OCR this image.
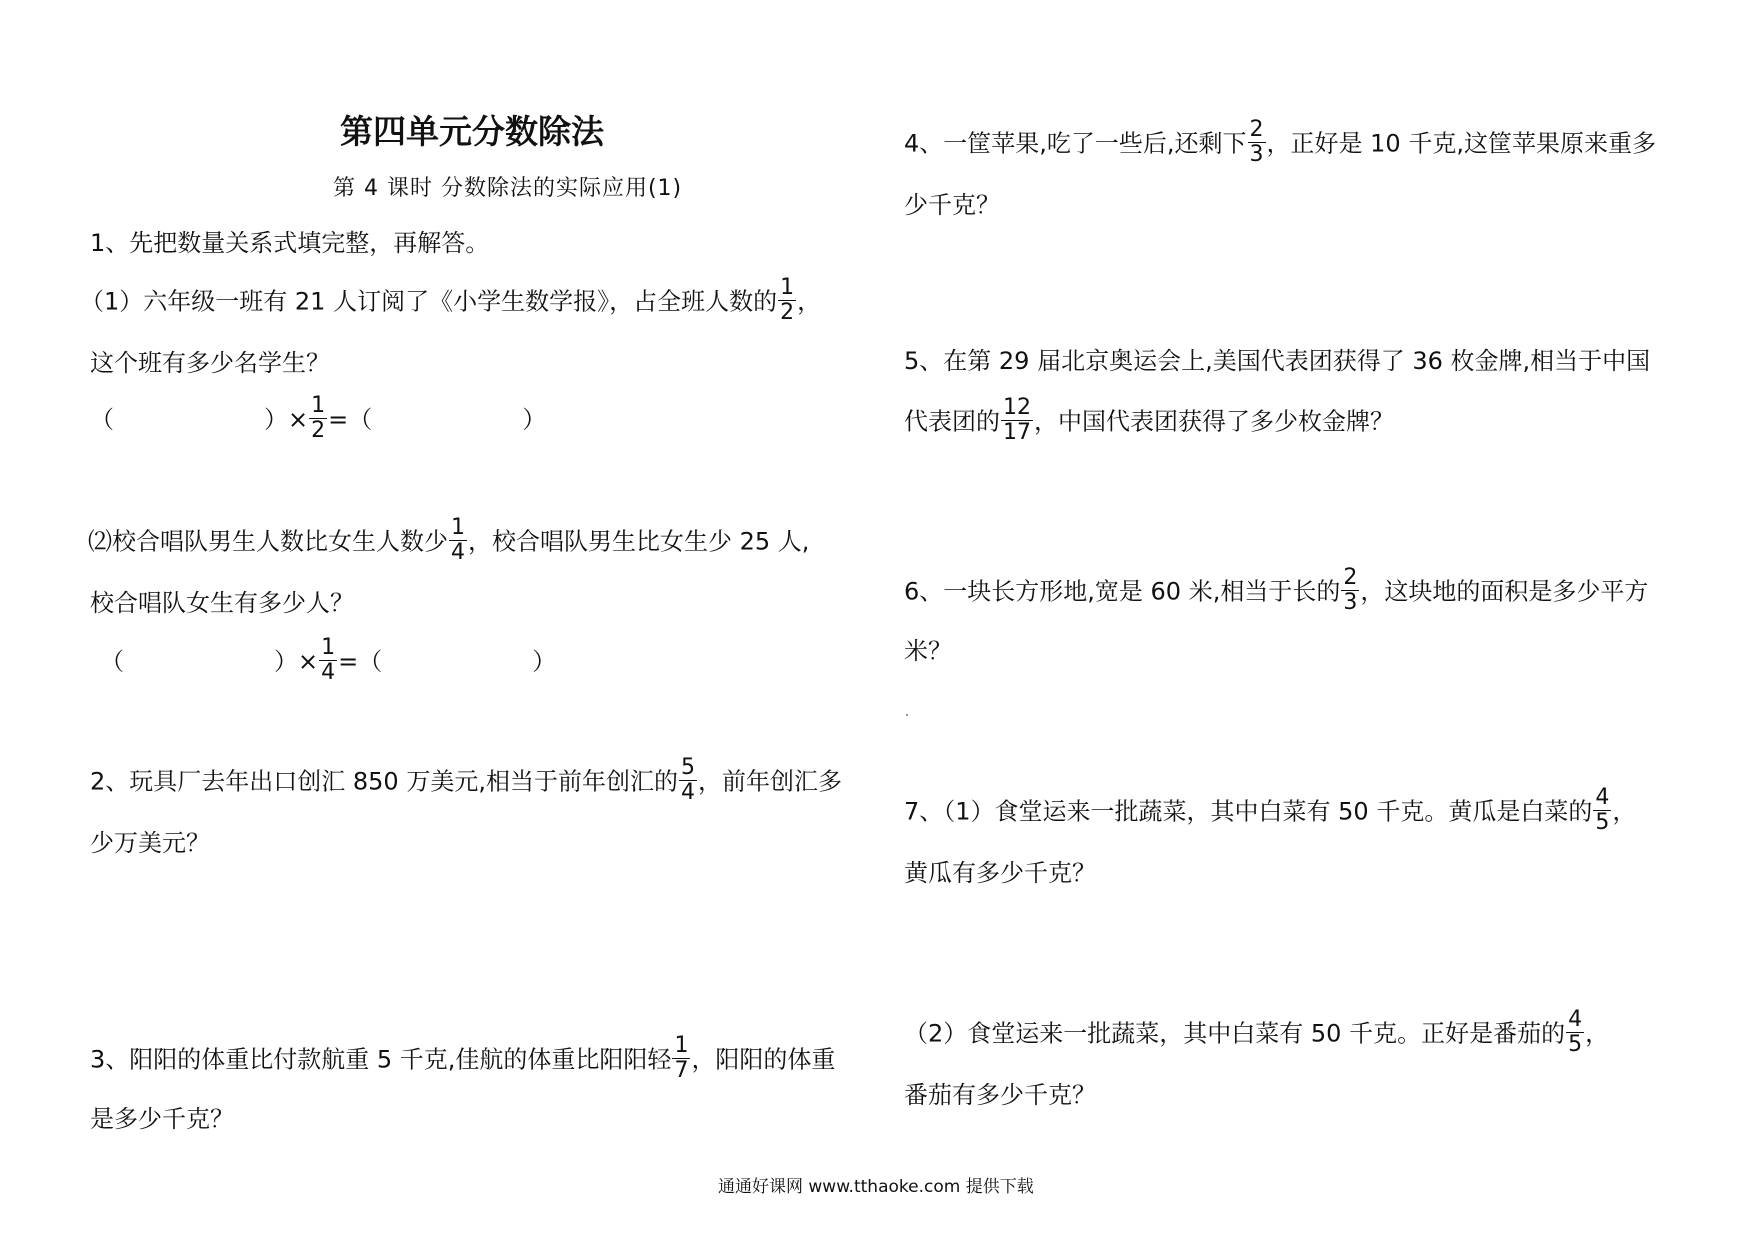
第四单元分数除法
第 4 课时 分数除法的实际应用(1)
1、先把数量关系式填完整，再解答。
（1）六年级一班有 21 人订阅了《小学生数学报》，占全班人数的 $\frac{1}{2}$ ，
这个班有多少名学生？
（	）× $\frac{1}{2}$ =（	）
⑵校合唱队男生人数比女生人数少 $\frac{1}{4}$ ，校合唱队男生比女生少 25 人,
校合唱队女生有多少人？
（	）× $\frac{1}{4}$ =（	）
2、玩具厂去年出口创汇 850 万美元,相当于前年创汇的 $\frac{5}{4}$ ，前年创汇多
少万美元？
3、阳阳的体重比付款航重 5 千克,佳航的体重比阳阳轻 $\frac{1}{7}$ ，阳阳的体重
是多少千克？
4、一筐苹果,吃了一些后,还剩下 $\frac{2}{3}$ ，正好是 10 千克,这筐苹果原来重多
少千克？
5、在第 29 届北京奥运会上,美国代表团获得了 36 枚金牌,相当于中国
代表团的 $\frac{12}{17}$ ，中国代表团获得了多少枚金牌？
6、一块长方形地,宽是 60 米,相当于长的 $\frac{2}{3}$ ，这块地的面积是多少平方
米？
7、（1）食堂运来一批蔬菜，其中白菜有 50 千克。黄瓜是白菜的 $\frac{4}{5}$ ，
黄瓜有多少千克？
（2）食堂运来一批蔬菜，其中白菜有 50 千克。正好是番茄的 $\frac{4}{5}$ ，
番茄有多少千克？
通通好课网 www.tthaoke.com 提供下载
